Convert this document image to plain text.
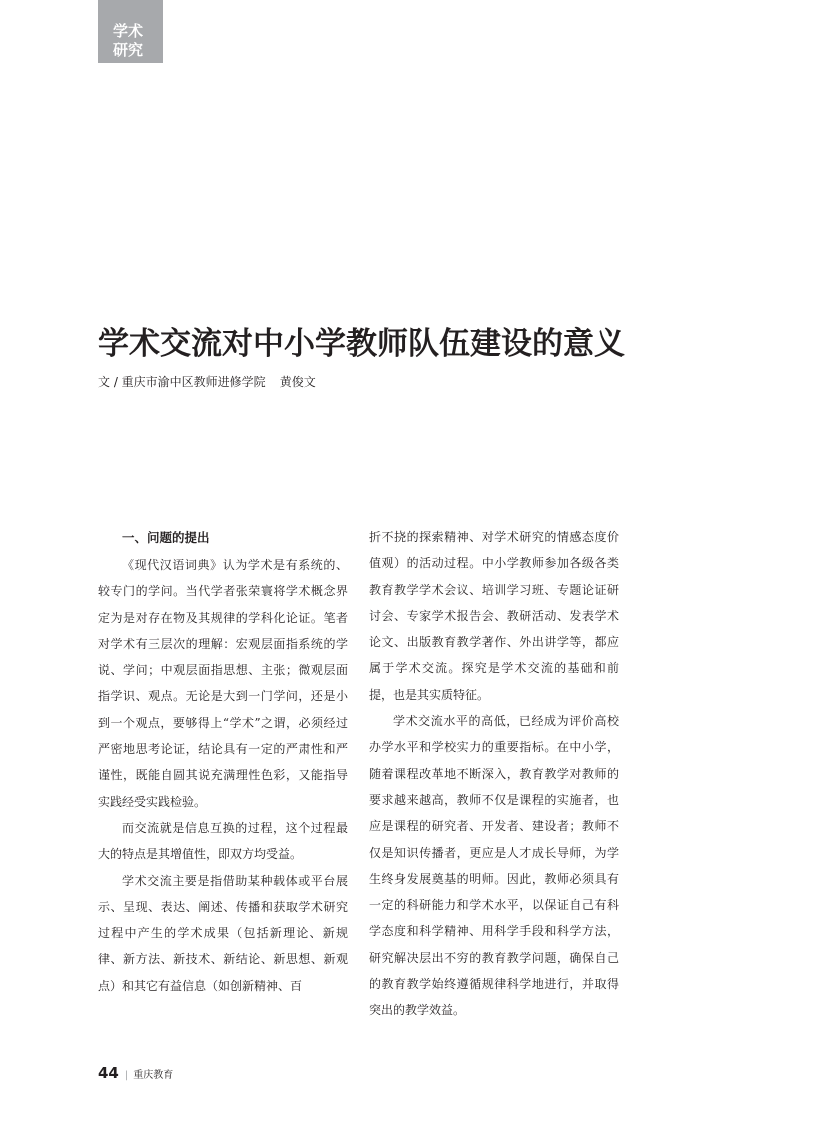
学术
研究
学术交流对中小学教师队伍建设的意义
文 / 重庆市渝中区教师进修学院 黄俊文
一、问题的提出

《现代汉语词典》认为学术是有系统的、较专门的学问。当代学者张荣寰将学术概念界定为是对存在物及其规律的学科化论证。笔者对学术有三层次的理解：宏观层面指系统的学说、学问；中观层面指思想、主张；微观层面指学识、观点。无论是大到一门学问，还是小到一个观点，要够得上“学术”之谓，必须经过严密地思考论证，结论具有一定的严肃性和严谨性，既能自圆其说充满理性色彩，又能指导实践经受实践检验。

而交流就是信息互换的过程，这个过程最大的特点是其增值性，即双方均受益。

学术交流主要是指借助某种载体或平台展示、呈现、表达、阐述、传播和获取学术研究过程中产生的学术成果（包括新理论、新规律、新方法、新技术、新结论、新思想、新观点）和其它有益信息（如创新精神、百

折不挠的探索精神、对学术研究的情感态度价值观）的活动过程。中小学教师参加各级各类教育教学学术会议、培训学习班、专题论证研讨会、专家学术报告会、教研活动、发表学术论文、出版教育教学著作、外出讲学等，都应属于学术交流。探究是学术交流的基础和前提，也是其实质特征。

学术交流水平的高低，已经成为评价高校办学水平和学校实力的重要指标。在中小学，随着课程改革地不断深入，教育教学对教师的要求越来越高，教师不仅是课程的实施者，也应是课程的研究者、开发者、建设者；教师不仅是知识传播者，更应是人才成长导师，为学生终身发展奠基的明师。因此，教师必须具有一定的科研能力和学术水平，以保证自己有科学态度和科学精神、用科学手段和科学方法，研究解决层出不穷的教育教学问题，确保自己的教育教学始终遵循规律科学地进行，并取得突出的教学效益。

44 | 重庆教育
